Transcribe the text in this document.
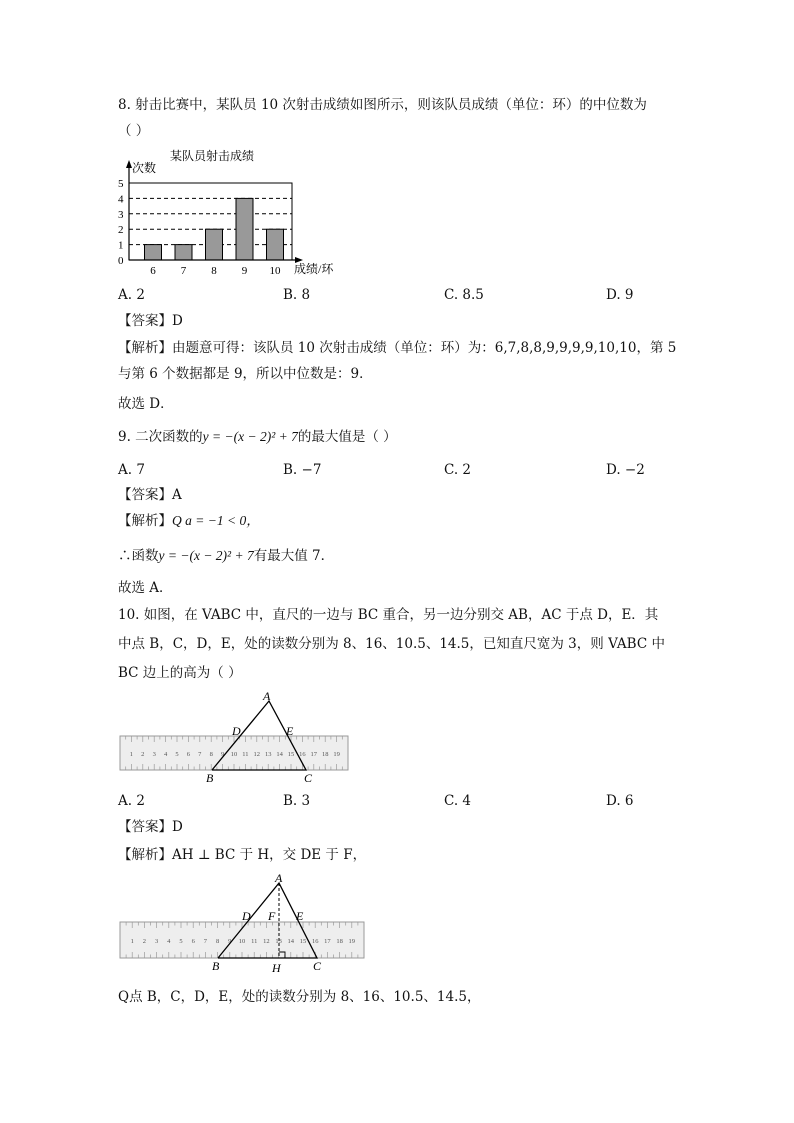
8. 射击比赛中，某队员 10 次射击成绩如图所示，则该队员成绩（单位：环）的中位数为
（ ）
某队员射击成绩
次数
0
1
2
3
4
5
6 7 8 9 10 成绩/环
A. 2	B. 8	C. 8.5	D. 9
【答案】D
【解析】由题意可得：该队员 10 次射击成绩（单位：环）为：6,7,8,8,9,9,9,9,10,10，第 5
与第 6 个数据都是 9，所以中位数是：9．
故选 D．
9. 二次函数的y = −(x − 2)² + 7的最大值是（ ）
A. 7	B. −7	C. 2	D. −2
【答案】A
【解析】Q a = −1 < 0，
∴函数y = −(x − 2)² + 7有最大值 7．
故选 A．
10. 如图，在 VABC 中，直尺的一边与 BC 重合，另一边分别交 AB，AC 于点 D，E．其
中点 B，C，D，E，处的读数分别为 8、16、10.5、14.5，已知直尺宽为 3，则 VABC 中
BC 边上的高为（ ）
1 2 3 4 5 6 7 8 9 10 11 12 13 14 15 16 17 18 19
A
B	C
D	E
A. 2	B. 3	C. 4	D. 6
【答案】D
【解析】AH ⊥ BC 于 H，交 DE 于 F，
1 2 3 4 5 6 7 8 9 10 11 12 13 14 15 16 17 18 19
A
B	C
D	E
F
H
Q点 B，C，D，E，处的读数分别为 8、16、10.5、14.5，
